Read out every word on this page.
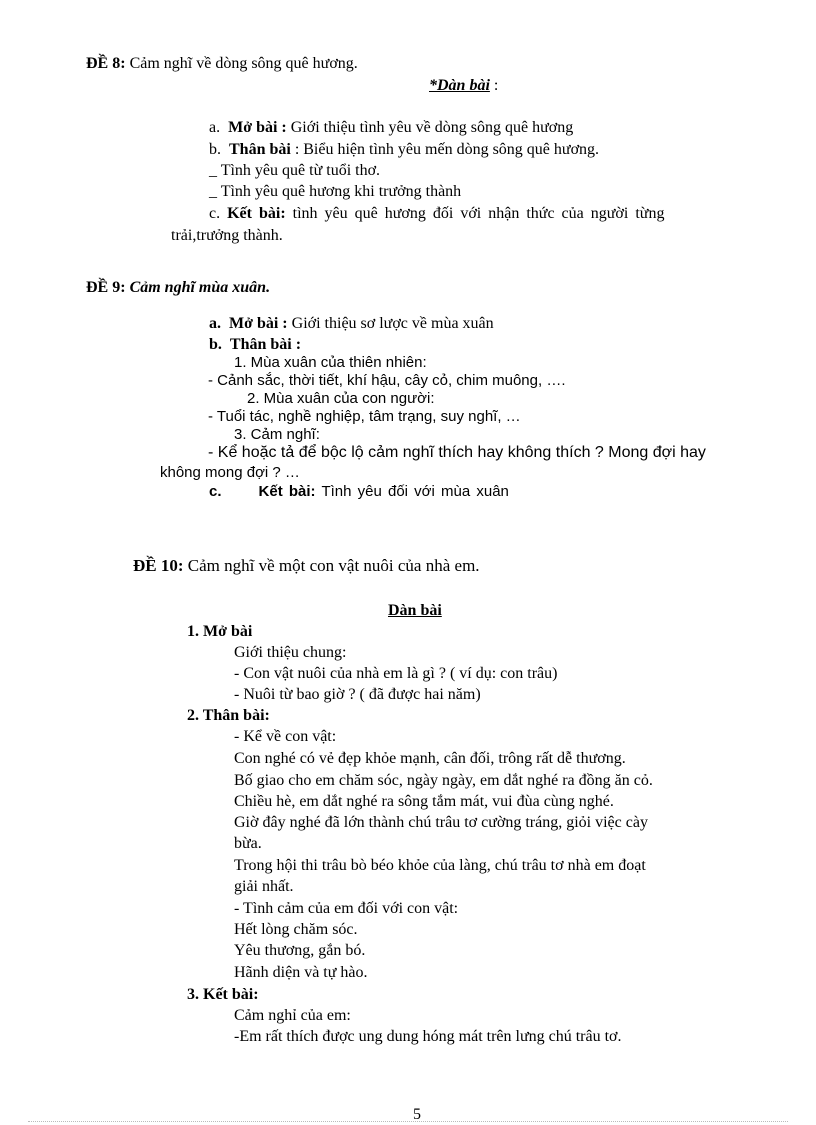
ĐỀ 8: Cảm nghĩ về dòng sông quê hương.
*Dàn bài :
a. Mở bài : Giới thiệu tình yêu về dòng sông quê hương
b. Thân bài : Biểu hiện tình yêu mến dòng sông quê hương.
_ Tình yêu quê từ tuổi thơ.
_ Tình yêu quê hương khi trưởng thành
c. Kết bài: tình yêu quê hương đối với nhận thức của người từng
trải,trưởng thành.
ĐỀ 9: Cảm nghĩ mùa xuân.
a. Mở bài : Giới thiệu sơ lược về mùa xuân
b. Thân bài :
1. Mùa xuân của thiên nhiên:
- Cảnh sắc, thời tiết, khí hậu, cây cỏ, chim muông, ….
2. Mùa xuân của con người:
- Tuổi tác, nghề nghiệp, tâm trạng, suy nghĩ, …
3. Cảm nghĩ:
- Kể hoặc tả để bộc lộ cảm nghĩ thích hay không thích ? Mong đợi hay
không mong đợi ? …
c. Kết bài: Tình yêu đối với mùa xuân
ĐỀ 10: Cảm nghĩ về một con vật nuôi của nhà em.
Dàn bài
1. Mở bài
Giới thiệu chung:
- Con vật nuôi của nhà em là gì ? ( ví dụ: con trâu)
- Nuôi từ bao giờ ? ( đã được hai năm)
2. Thân bài:
- Kể về con vật:
Con nghé có vẻ đẹp khỏe mạnh, cân đối, trông rất dễ thương.
Bố giao cho em chăm sóc, ngày ngày, em dắt nghé ra đồng ăn cỏ.
Chiều hè, em dắt nghé ra sông tắm mát, vui đùa cùng nghé.
Giờ đây nghé đã lớn thành chú trâu tơ cường tráng, giỏi việc cày
bừa.
Trong hội thi trâu bò béo khỏe của làng, chú trâu tơ nhà em đoạt
giải nhất.
- Tình cảm của em đối với con vật:
Hết lòng chăm sóc.
Yêu thương, gắn bó.
Hãnh diện và tự hào.
3. Kết bài:
Cảm nghỉ của em:
-Em rất thích được ung dung hóng mát trên lưng chú trâu tơ.
5
